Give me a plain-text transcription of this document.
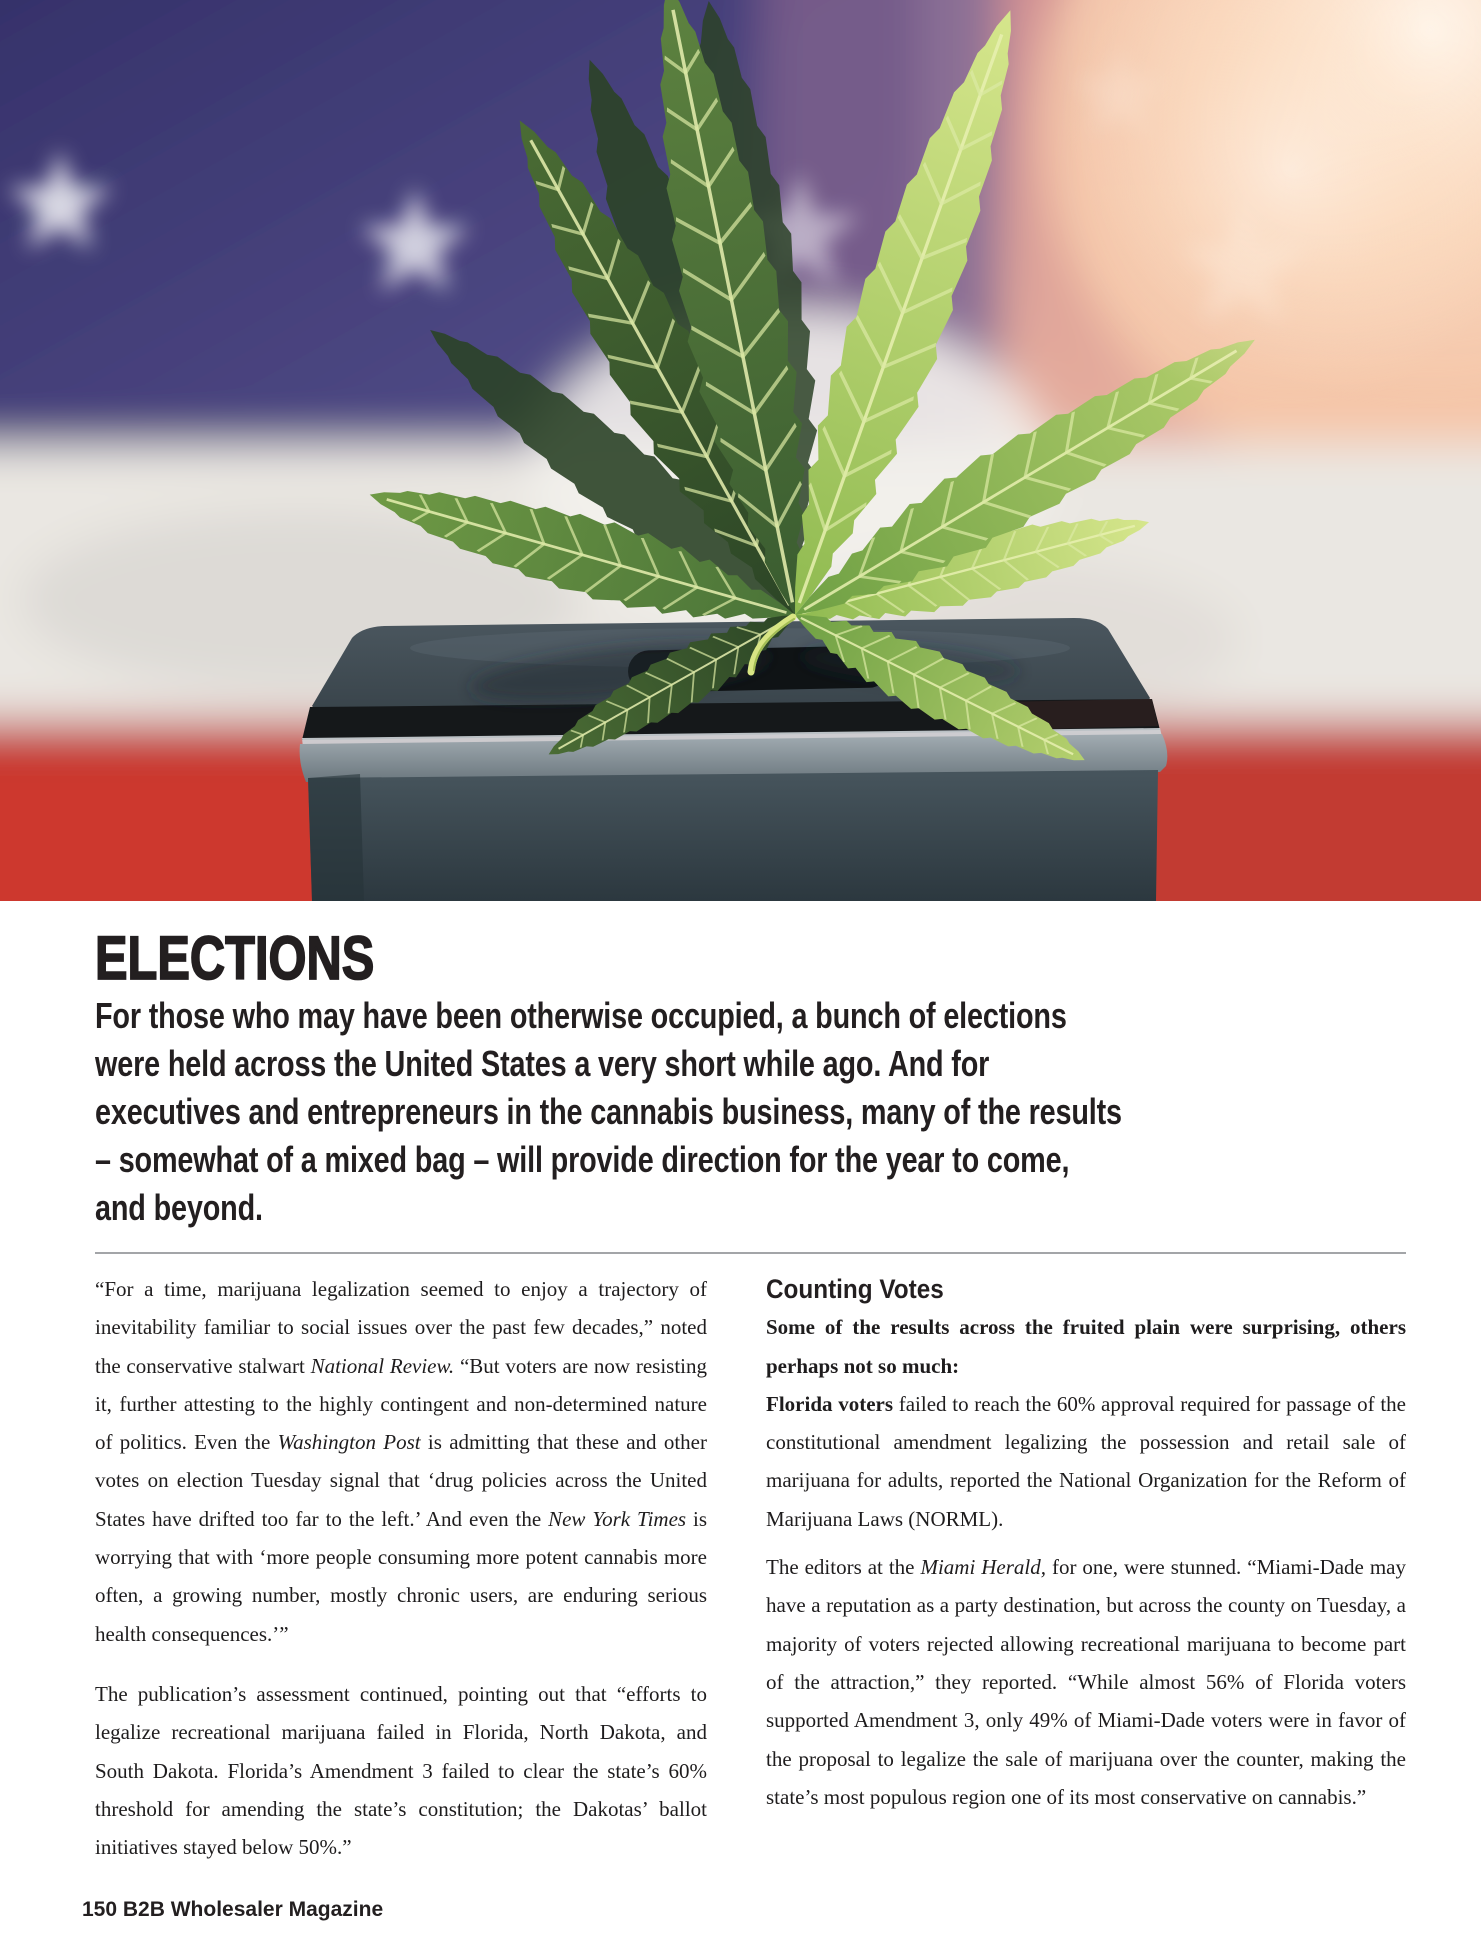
ELECTIONS

For those who may have been otherwise occupied, a bunch of elections were held across the United States a very short while ago. And for executives and entrepreneurs in the cannabis business, many of the results – somewhat of a mixed bag – will provide direction for the year to come, and beyond.

“For a time, marijuana legalization seemed to enjoy a trajectory of inevitability familiar to social issues over the past few decades,” noted the conservative stalwart National Review. “But voters are now resisting it, further attesting to the highly contingent and non-determined nature of politics. Even the Washington Post is admitting that these and other votes on election Tuesday signal that ‘drug policies across the United States have drifted too far to the left.’ And even the New York Times is worrying that with ‘more people consuming more potent cannabis more often, a growing number, mostly chronic users, are enduring serious health consequences.’”

The publication’s assessment continued, pointing out that “efforts to legalize recreational marijuana failed in Florida, North Dakota, and South Dakota. Florida’s Amendment 3 failed to clear the state’s 60% threshold for amending the state’s constitution; the Dakotas’ ballot initiatives stayed below 50%.”

Counting Votes

Some of the results across the fruited plain were surprising, others perhaps not so much:

Florida voters failed to reach the 60% approval required for passage of the constitutional amendment legalizing the possession and retail sale of marijuana for adults, reported the National Organization for the Reform of Marijuana Laws (NORML).

The editors at the Miami Herald, for one, were stunned. “Miami-Dade may have a reputation as a party destination, but across the county on Tuesday, a majority of voters rejected allowing recreational marijuana to become part of the attraction,” they reported. “While almost 56% of Florida voters supported Amendment 3, only 49% of Miami-Dade voters were in favor of the proposal to legalize the sale of marijuana over the counter, making the state’s most populous region one of its most conservative on cannabis.”

150 B2B Wholesaler Magazine
